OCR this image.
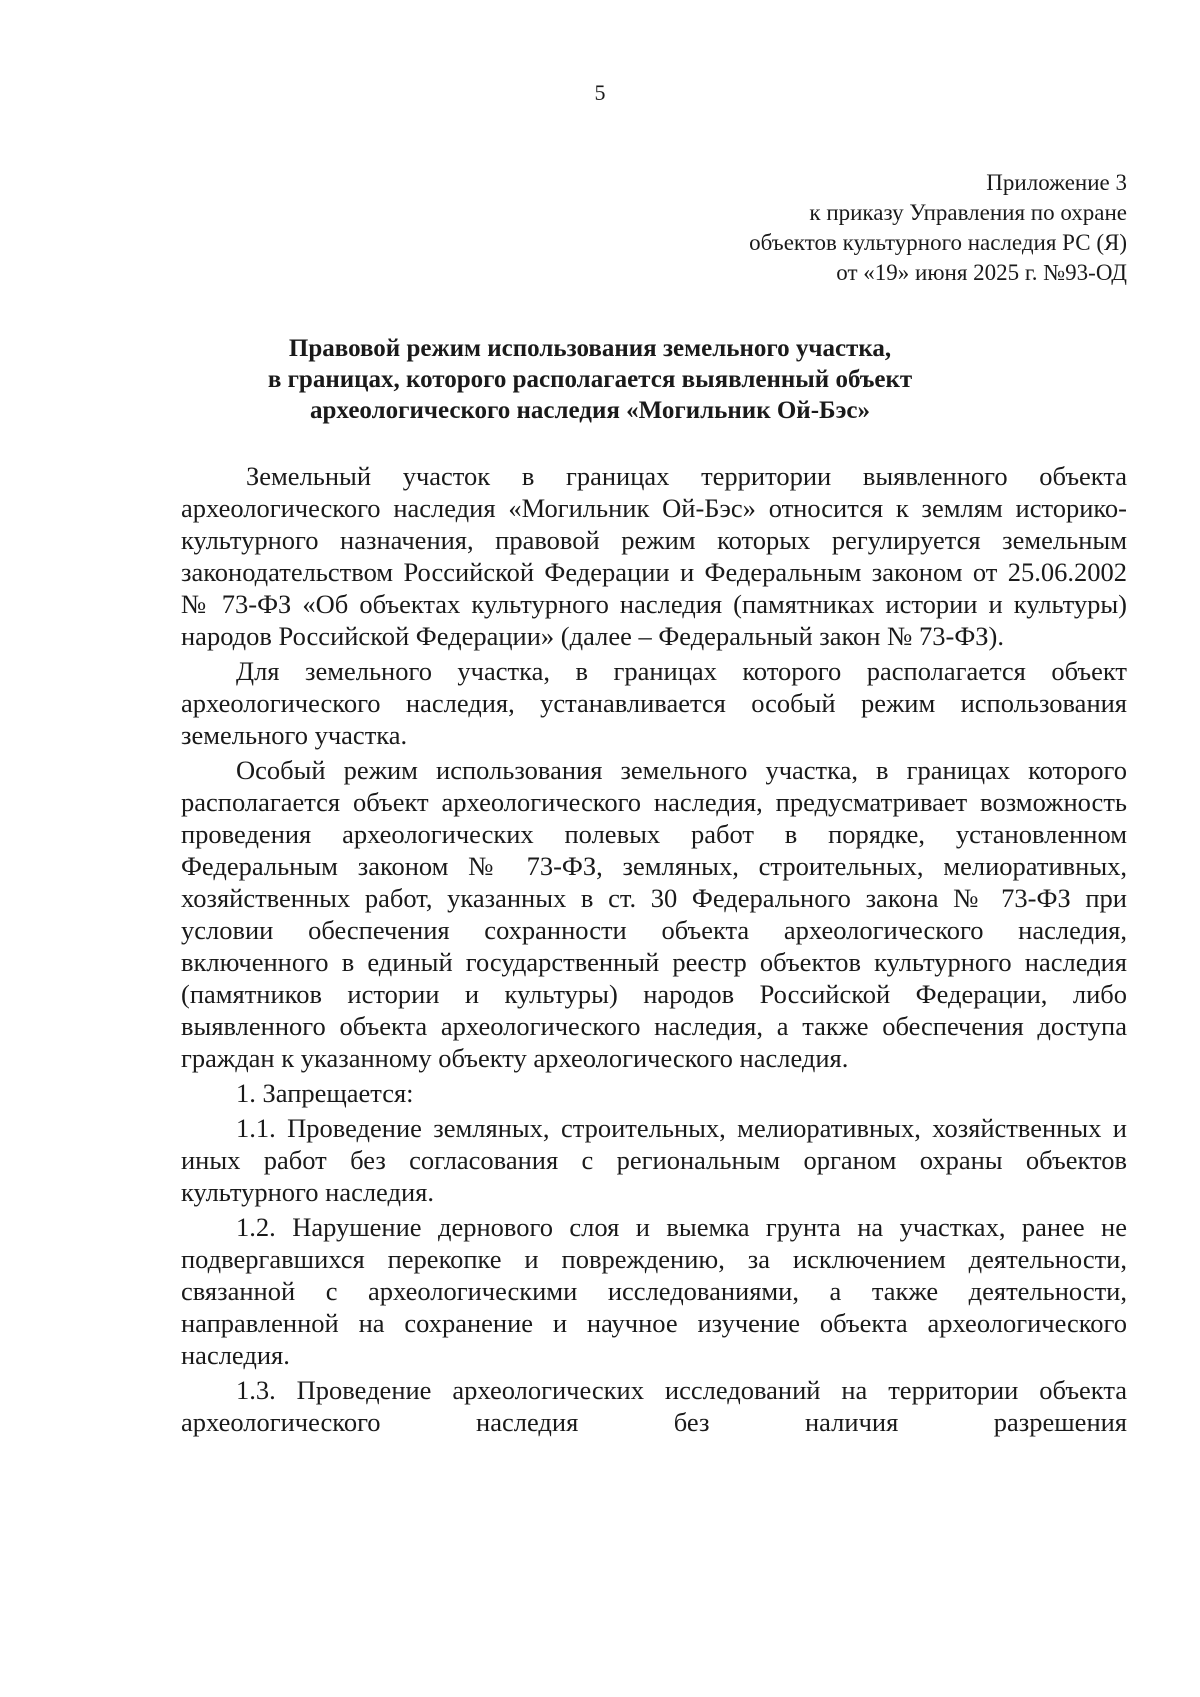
5
Приложение 3
к приказу Управления по охране
объектов культурного наследия РС (Я)
от «19» июня 2025 г. №93-ОД
Правовой режим использования земельного участка,
в границах, которого располагается выявленный объект
археологического наследия «Могильник Ой-Бэс»

Земельный участок в границах территории выявленного объекта археологического наследия «Могильник Ой-Бэс» относится к землям историко-культурного назначения, правовой режим которых регулируется земельным законодательством Российской Федерации и Федеральным законом от 25.06.2002 № 73-ФЗ «Об объектах культурного наследия (памятниках истории и культуры) народов Российской Федерации» (далее – Федеральный закон № 73-ФЗ).

Для земельного участка, в границах которого располагается объект археологического наследия, устанавливается особый режим использования земельного участка.

Особый режим использования земельного участка, в границах которого располагается объект археологического наследия, предусматривает возможность проведения археологических полевых работ в порядке, установленном Федеральным законом № 73-ФЗ, земляных, строительных, мелиоративных, хозяйственных работ, указанных в ст. 30 Федерального закона № 73-ФЗ при условии обеспечения сохранности объекта археологического наследия, включенного в единый государственный реестр объектов культурного наследия (памятников истории и культуры) народов Российской Федерации, либо выявленного объекта археологического наследия, а также обеспечения доступа граждан к указанному объекту археологического наследия.

1. Запрещается:

1.1. Проведение земляных, строительных, мелиоративных, хозяйственных и иных работ без согласования с региональным органом охраны объектов культурного наследия.

1.2. Нарушение дернового слоя и выемка грунта на участках, ранее не подвергавшихся перекопке и повреждению, за исключением деятельности, связанной с археологическими исследованиями, а также деятельности, направленной на сохранение и научное изучение объекта археологического наследия.

1.3. Проведение археологических исследований на территории объекта археологического наследия без наличия разрешения
